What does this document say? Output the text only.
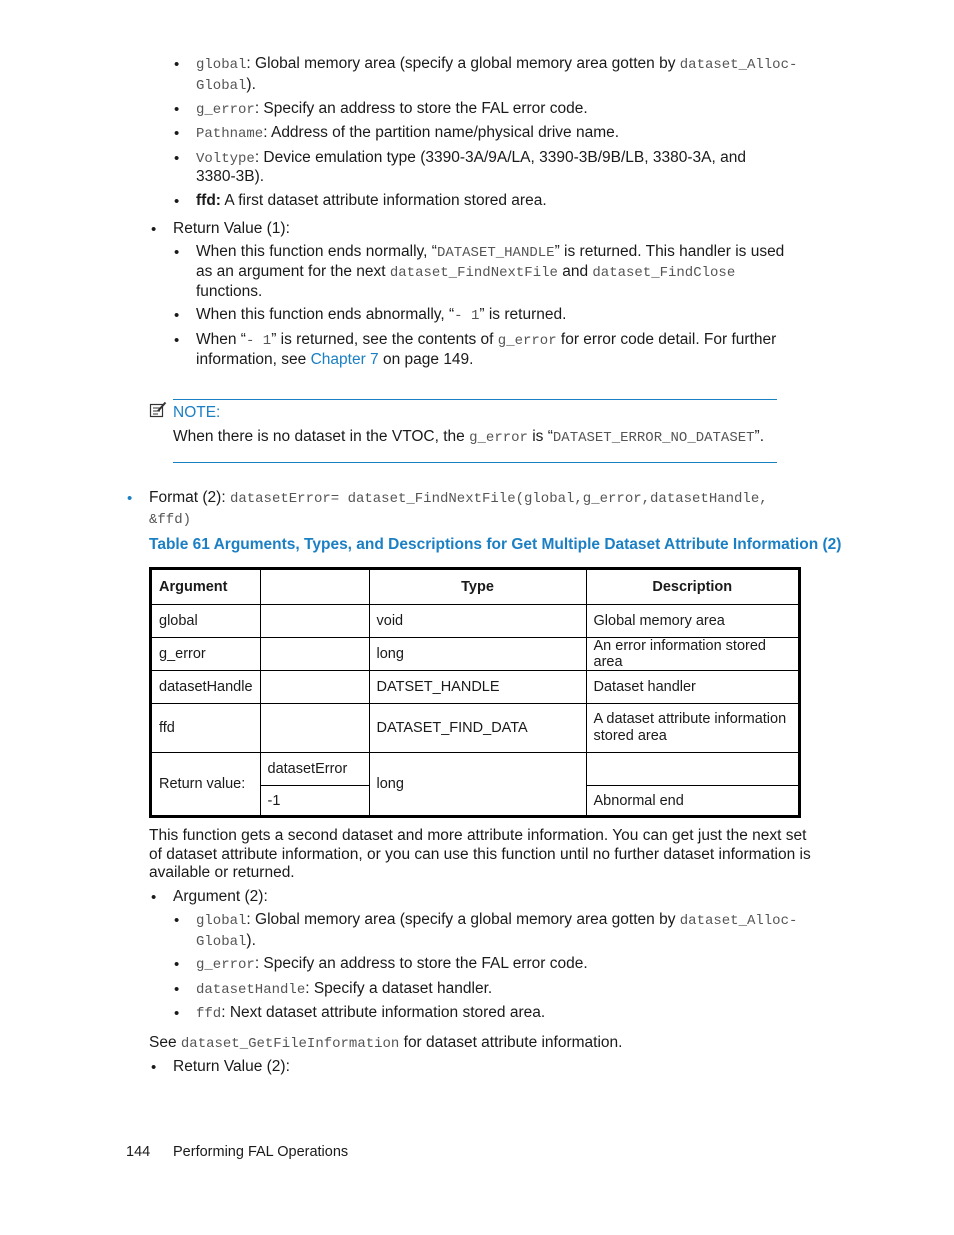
• global: Global memory area (specify a global memory area gotten by dataset_Alloc-
Global).
• g_error: Specify an address to store the FAL error code.
• Pathname: Address of the partition name/physical drive name.
• Voltype: Device emulation type (3390-3A/9A/LA, 3390-3B/9B/LB, 3380-3A, and
3380-3B).
• ffd: A first dataset attribute information stored area.
• Return Value (1):
• When this function ends normally, “DATASET_HANDLE” is returned. This handler is used
as an argument for the next dataset_FindNextFile and dataset_FindClose
functions.
• When this function ends abnormally, “- 1” is returned.
• When “- 1” is returned, see the contents of g_error for error code detail. For further
information, see Chapter 7 on page 149.
NOTE:
When there is no dataset in the VTOC, the g_error is “DATASET_ERROR_NO_DATASET”.
• Format (2): datasetError= dataset_FindNextFile(global,g_error,datasetHandle,
&ffd)
Table 61 Arguments, Types, and Descriptions for Get Multiple Dataset Attribute Information (2)
Argument		Type	Description
global		void	Global memory area
g_error		long	An error information stored area
datasetHandle		DATSET_HANDLE	Dataset handler
ffd		DATASET_FIND_DATA	A dataset attribute information stored area
Return value:	datasetError	long	
	-1		Abnormal end
This function gets a second dataset and more attribute information. You can get just the next set
of dataset attribute information, or you can use this function until no further dataset information is
available or returned.
• Argument (2):
• global: Global memory area (specify a global memory area gotten by dataset_Alloc-
Global).
• g_error: Specify an address to store the FAL error code.
• datasetHandle: Specify a dataset handler.
• ffd: Next dataset attribute information stored area.
See dataset_GetFileInformation for dataset attribute information.
• Return Value (2):
144 Performing FAL Operations
